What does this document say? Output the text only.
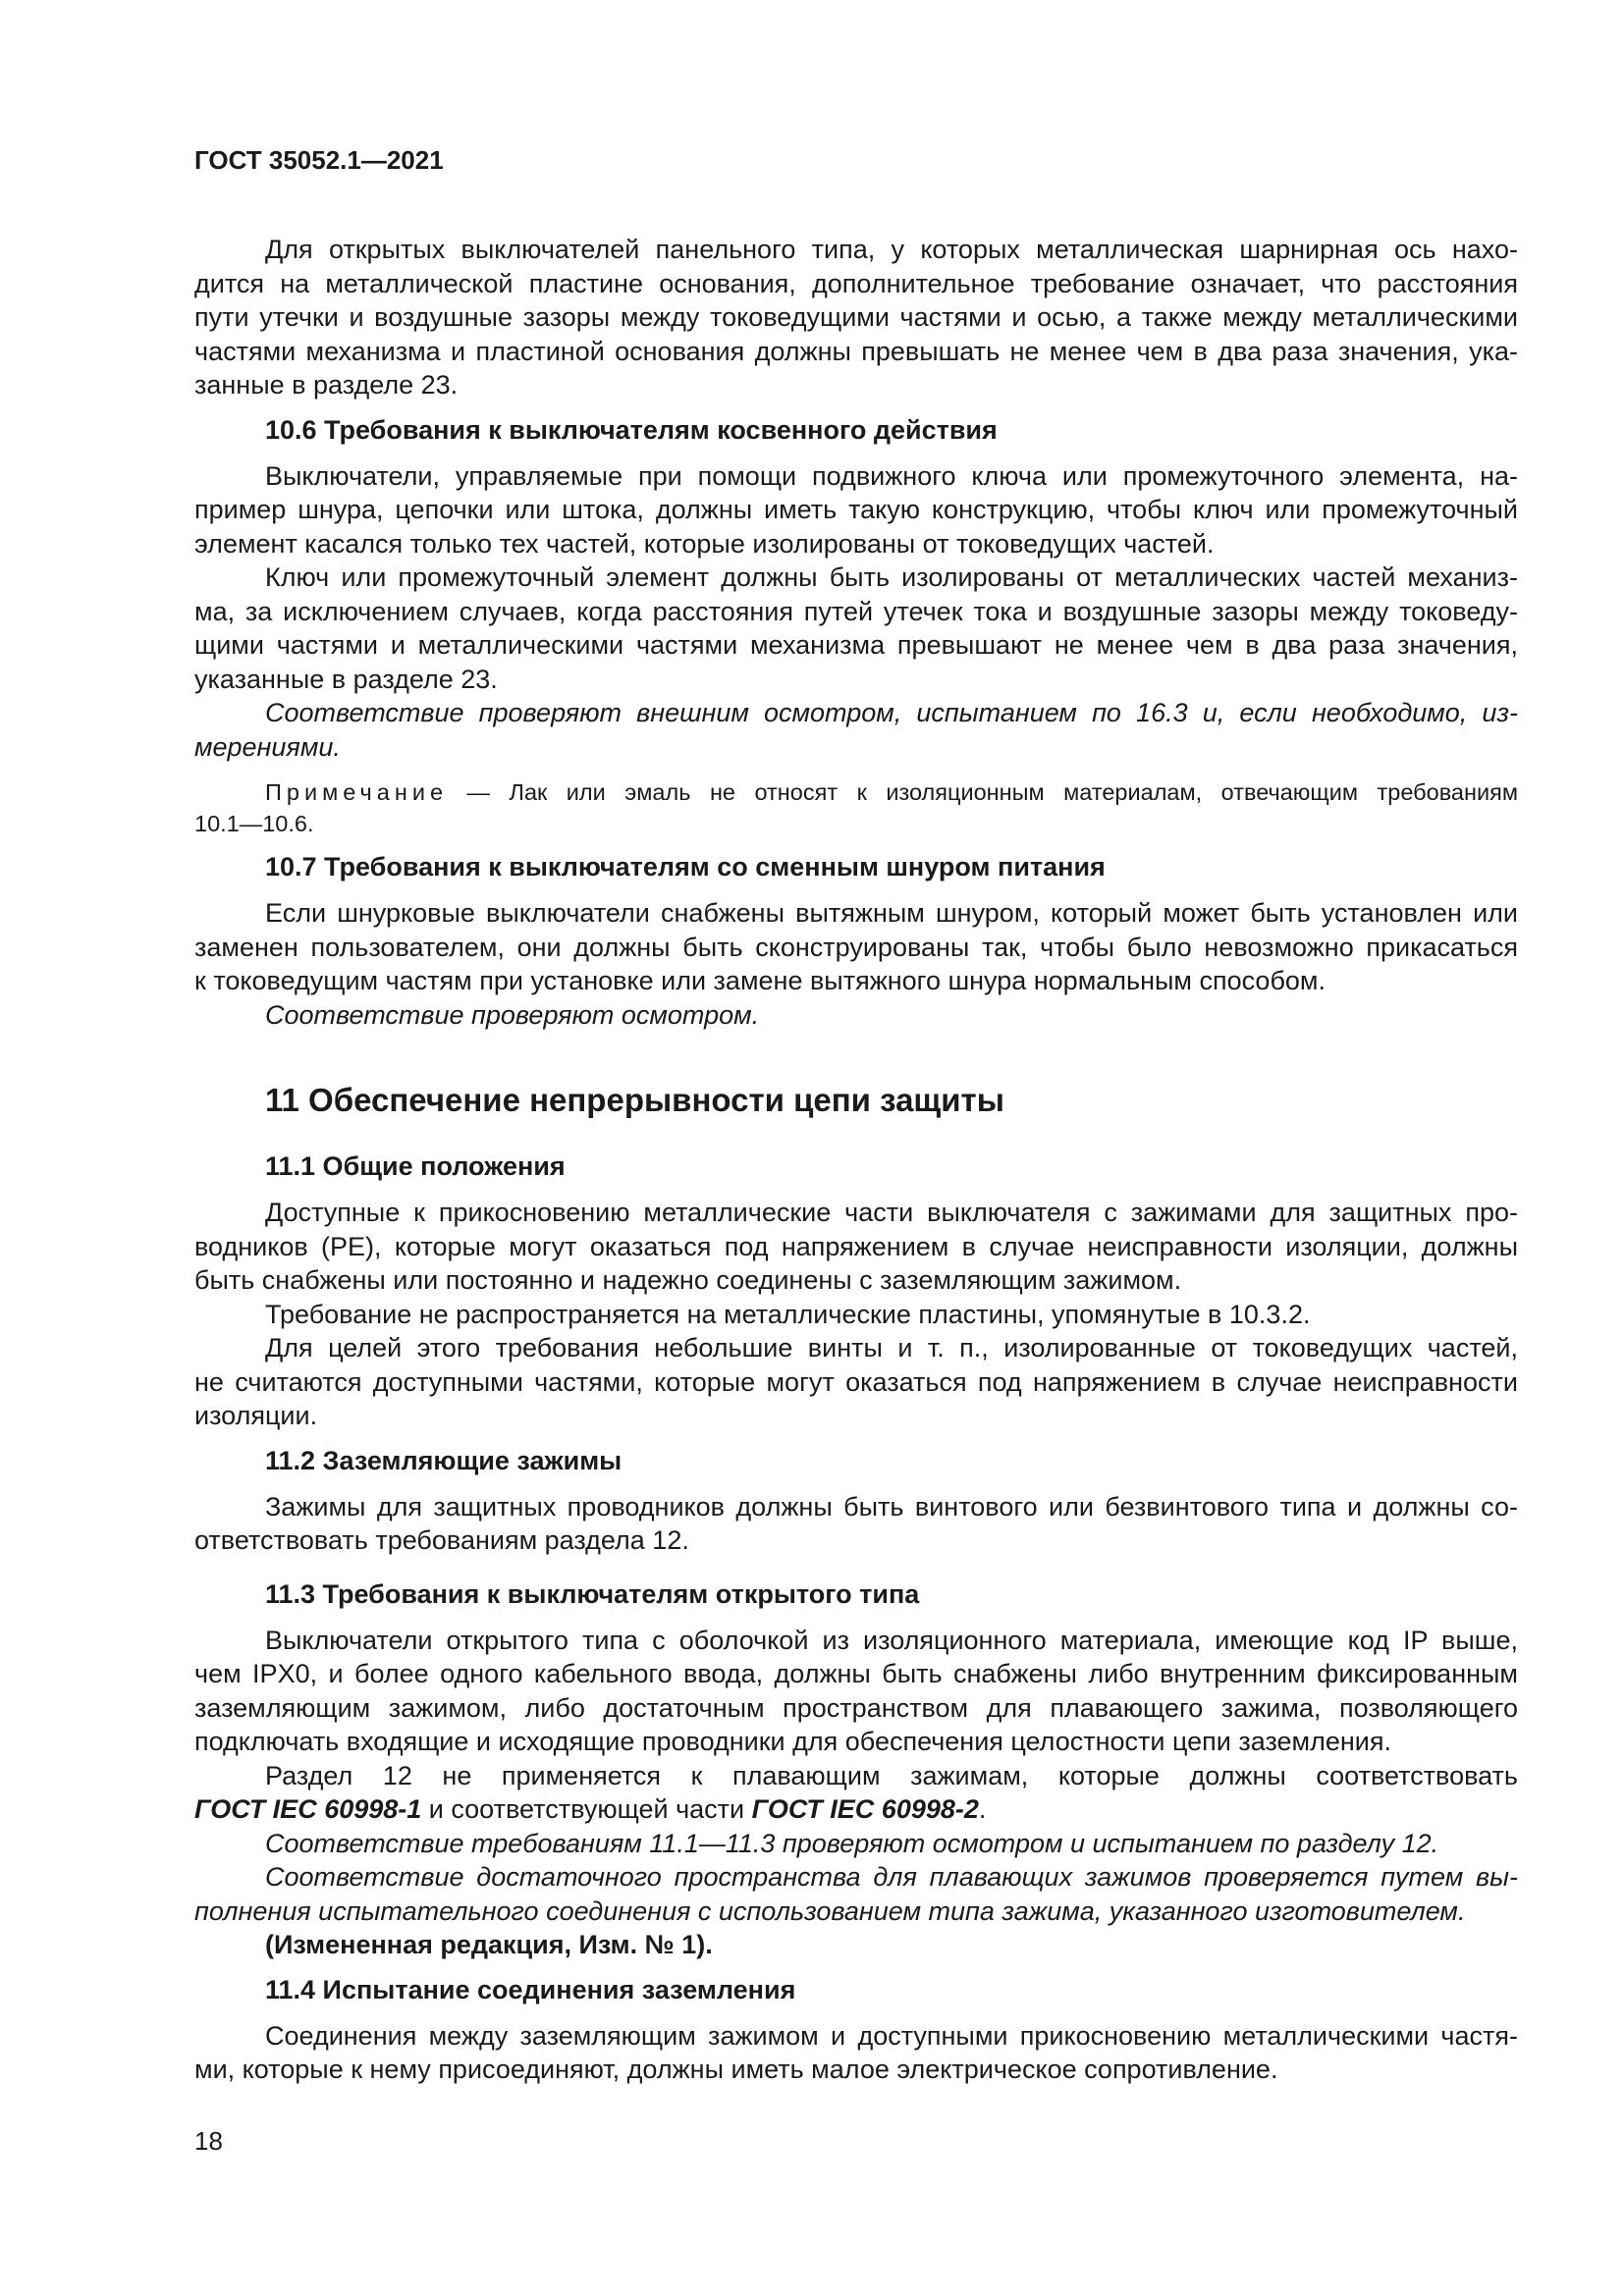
ГОСТ 35052.1—2021

Для открытых выключателей панельного типа, у которых металлическая шарнирная ось нахо-
дится на металлической пластине основания, дополнительное требование означает, что расстояния
пути утечки и воздушные зазоры между токоведущими частями и осью, а также между металлическими
частями механизма и пластиной основания должны превышать не менее чем в два раза значения, ука-
занные в разделе 23.

10.6 Требования к выключателям косвенного действия

Выключатели, управляемые при помощи подвижного ключа или промежуточного элемента, на-
пример шнура, цепочки или штока, должны иметь такую конструкцию, чтобы ключ или промежуточный
элемент касался только тех частей, которые изолированы от токоведущих частей.

Ключ или промежуточный элемент должны быть изолированы от металлических частей механиз-
ма, за исключением случаев, когда расстояния путей утечек тока и воздушные зазоры между токоведу-
щими частями и металлическими частями механизма превышают не менее чем в два раза значения,
указанные в разделе 23.

Соответствие проверяют внешним осмотром, испытанием по 16.3 и, если необходимо, из-
мерениями.

Примечание — Лак или эмаль не относят к изоляционным материалам, отвечающим требованиям
10.1—10.6.

10.7 Требования к выключателям со сменным шнуром питания

Если шнурковые выключатели снабжены вытяжным шнуром, который может быть установлен или
заменен пользователем, они должны быть сконструированы так, чтобы было невозможно прикасаться
к токоведущим частям при установке или замене вытяжного шнура нормальным способом.

Соответствие проверяют осмотром.

11 Обеспечение непрерывности цепи защиты
11.1 Общие положения

Доступные к прикосновению металлические части выключателя с зажимами для защитных про-
водников (PE), которые могут оказаться под напряжением в случае неисправности изоляции, должны
быть снабжены или постоянно и надежно соединены с заземляющим зажимом.

Требование не распространяется на металлические пластины, упомянутые в 10.3.2.

Для целей этого требования небольшие винты и т. п., изолированные от токоведущих частей,
не считаются доступными частями, которые могут оказаться под напряжением в случае неисправности
изоляции.

11.2 Заземляющие зажимы

Зажимы для защитных проводников должны быть винтового или безвинтового типа и должны со-
ответствовать требованиям раздела 12.

11.3 Требования к выключателям открытого типа

Выключатели открытого типа с оболочкой из изоляционного материала, имеющие код IP выше,
чем IPX0, и более одного кабельного ввода, должны быть снабжены либо внутренним фиксированным
заземляющим зажимом, либо достаточным пространством для плавающего зажима, позволяющего
подключать входящие и исходящие проводники для обеспечения целостности цепи заземления.

Раздел 12 не применяется к плавающим зажимам, которые должны соответствовать
ГОСТ IEC 60998-1 и соответствующей части ГОСТ IEC 60998-2.

Соответствие требованиям 11.1—11.3 проверяют осмотром и испытанием по разделу 12.

Соответствие достаточного пространства для плавающих зажимов проверяется путем вы-
полнения испытательного соединения с использованием типа зажима, указанного изготовителем.

(Измененная редакция, Изм. № 1).

11.4 Испытание соединения заземления

Соединения между заземляющим зажимом и доступными прикосновению металлическими частя-
ми, которые к нему присоединяют, должны иметь малое электрическое сопротивление.

18
